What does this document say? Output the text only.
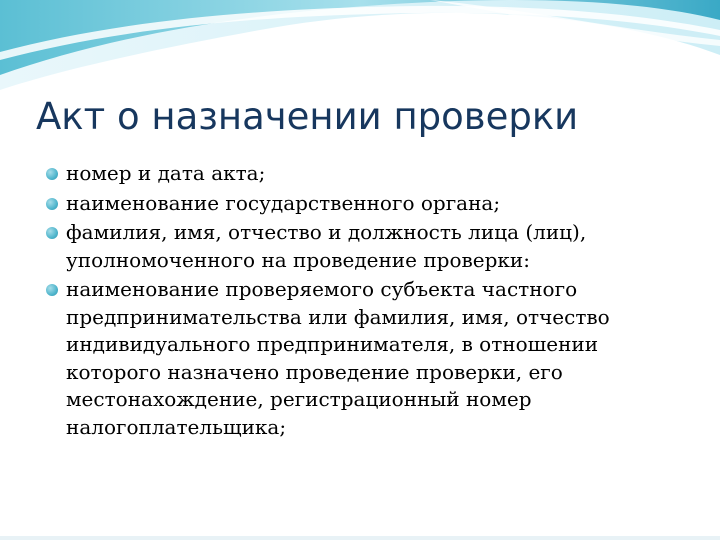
Акт о назначении проверки
номер и дата акта;
наименование государственного органа;
фамилия, имя, отчество и должность лица (лиц), уполномоченного на проведение проверки:
наименование проверяемого субъекта частного предпринимательства или фамилия, имя, отчество индивидуального предпринимателя, в отношении которого назначено проведение проверки, его местонахождение, регистрационный номер налогоплательщика;
